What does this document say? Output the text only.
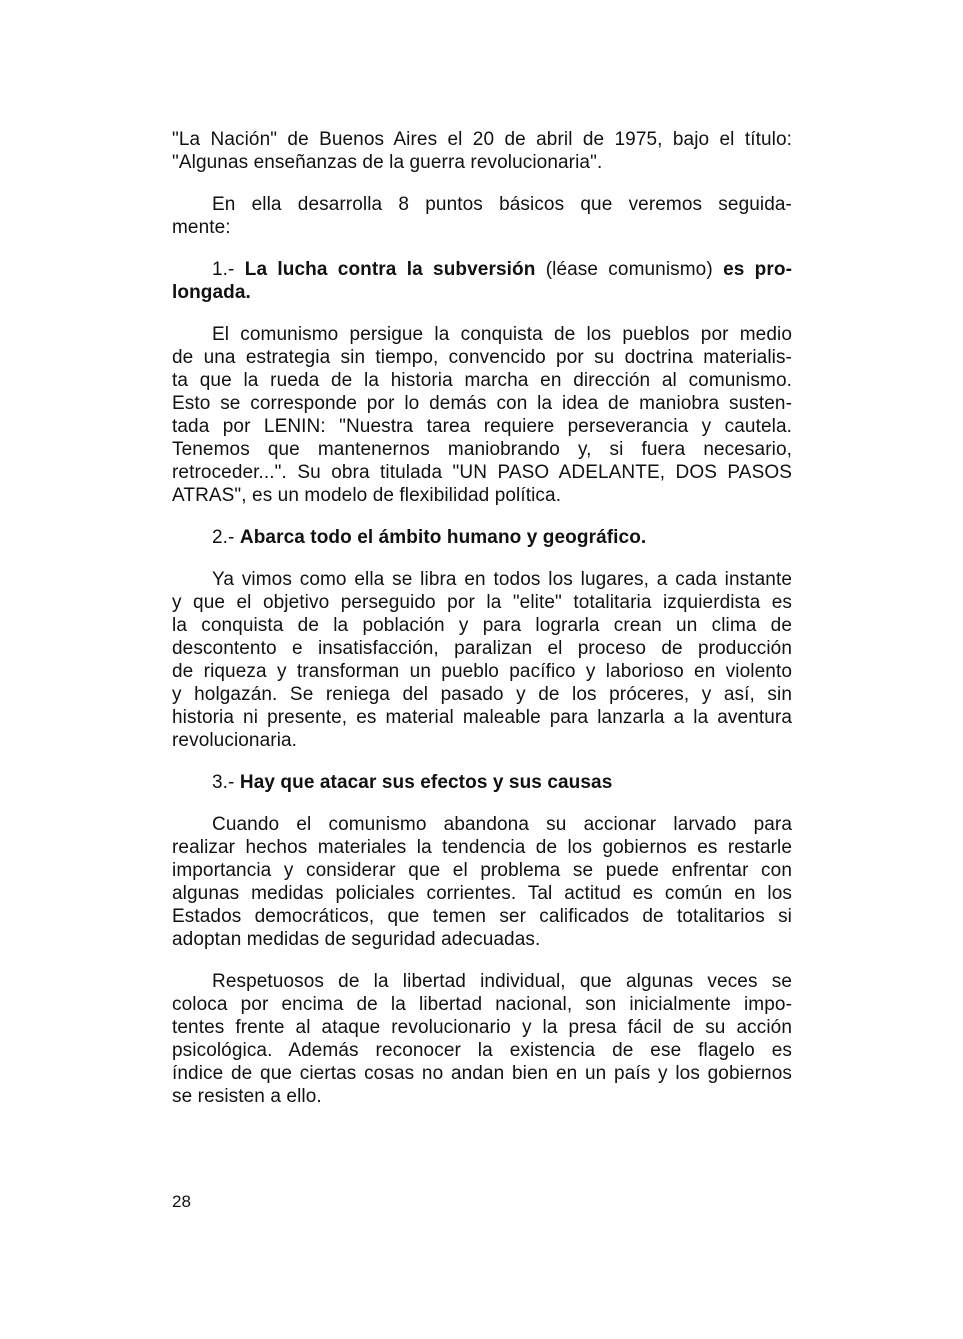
"La Nación" de Buenos Aires el 20 de abril de 1975, bajo el título:
"Algunas enseñanzas de la guerra revolucionaria".
En ella desarrolla 8 puntos básicos que veremos seguida-
mente:
1.- La lucha contra la subversión (léase comunismo) es pro-
longada.
El comunismo persigue la conquista de los pueblos por medio
de una estrategia sin tiempo, convencido por su doctrina materialis-
ta que la rueda de la historia marcha en dirección al comunismo.
Esto se corresponde por lo demás con la idea de maniobra susten-
tada por LENIN: "Nuestra tarea requiere perseverancia y cautela.
Tenemos que mantenernos maniobrando y, si fuera necesario,
retroceder...". Su obra titulada "UN PASO ADELANTE, DOS PASOS
ATRAS", es un modelo de flexibilidad política.
2.- Abarca todo el ámbito humano y geográfico.
Ya vimos como ella se libra en todos los lugares, a cada instante
y que el objetivo perseguido por la "elite" totalitaria izquierdista es
la conquista de la población y para lograrla crean un clima de
descontento e insatisfacción, paralizan el proceso de producción
de riqueza y transforman un pueblo pacífico y laborioso en violento
y holgazán. Se reniega del pasado y de los próceres, y así, sin
historia ni presente, es material maleable para lanzarla a la aventura
revolucionaria.
3.- Hay que atacar sus efectos y sus causas
Cuando el comunismo abandona su accionar larvado para
realizar hechos materiales la tendencia de los gobiernos es restarle
importancia y considerar que el problema se puede enfrentar con
algunas medidas policiales corrientes. Tal actitud es común en los
Estados democráticos, que temen ser calificados de totalitarios si
adoptan medidas de seguridad adecuadas.
Respetuosos de la libertad individual, que algunas veces se
coloca por encima de la libertad nacional, son inicialmente impo-
tentes frente al ataque revolucionario y la presa fácil de su acción
psicológica. Además reconocer la existencia de ese flagelo es
índice de que ciertas cosas no andan bien en un país y los gobiernos
se resisten a ello.
28
